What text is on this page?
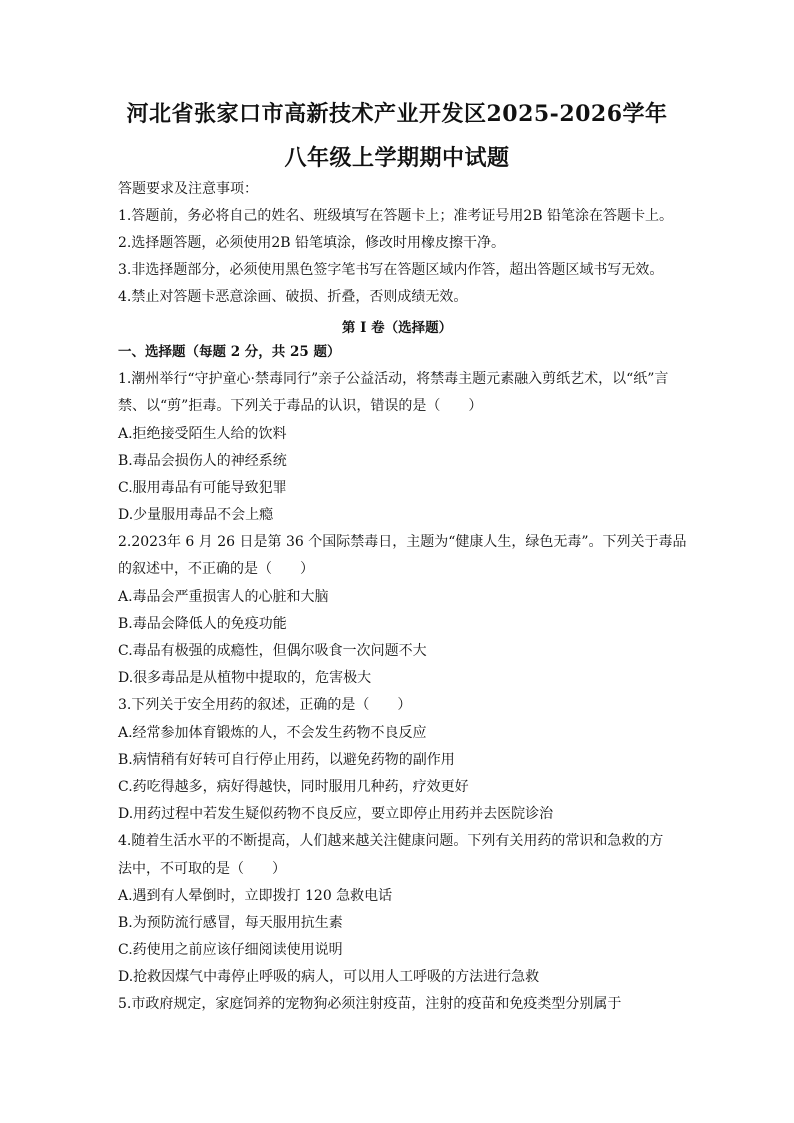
河北省张家口市高新技术产业开发区2025-2026学年
八年级上学期期中试题
答题要求及注意事项：
1.答题前，务必将自己的姓名、班级填写在答题卡上；准考证号用2B 铅笔涂在答题卡上。
2.选择题答题，必须使用2B 铅笔填涂，修改时用橡皮擦干净。
3.非选择题部分，必须使用黑色签字笔书写在答题区域内作答，超出答题区域书写无效。
4.禁止对答题卡恶意涂画、破损、折叠，否则成绩无效。
第 I 卷（选择题）
一、选择题（每题 2 分，共 25 题）
1.潮州举行“守护童心·禁毒同行”亲子公益活动，将禁毒主题元素融入剪纸艺术，以“纸”言
禁、以“剪”拒毒。下列关于毒品的认识，错误的是（　　）
A.拒绝接受陌生人给的饮料
B.毒品会损伤人的神经系统
C.服用毒品有可能导致犯罪
D.少量服用毒品不会上瘾
2.2023年 6 月 26 日是第 36 个国际禁毒日，主题为“健康人生，绿色无毒”。下列关于毒品
的叙述中，不正确的是（　　）
A.毒品会严重损害人的心脏和大脑
B.毒品会降低人的免疫功能
C.毒品有极强的成瘾性，但偶尔吸食一次问题不大
D.很多毒品是从植物中提取的，危害极大
3.下列关于安全用药的叙述，正确的是（　　）
A.经常参加体育锻炼的人，不会发生药物不良反应
B.病情稍有好转可自行停止用药，以避免药物的副作用
C.药吃得越多，病好得越快，同时服用几种药，疗效更好
D.用药过程中若发生疑似药物不良反应，要立即停止用药并去医院诊治
4.随着生活水平的不断提高，人们越来越关注健康问题。下列有关用药的常识和急救的方
法中，不可取的是（　　）
A.遇到有人晕倒时，立即拨打 120 急救电话
B.为预防流行感冒，每天服用抗生素
C.药使用之前应该仔细阅读使用说明
D.抢救因煤气中毒停止呼吸的病人，可以用人工呼吸的方法进行急救
5.市政府规定，家庭饲养的宠物狗必须注射疫苗，注射的疫苗和免疫类型分别属于
